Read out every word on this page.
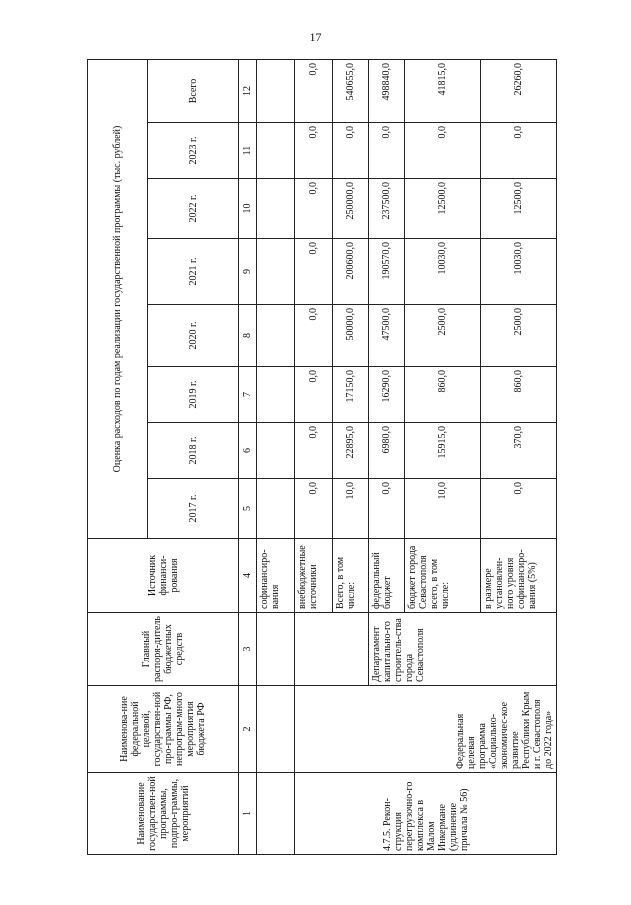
17
Наименование государствен-ной программы, подпро-граммы, мероприятий	Наименова-ние федеральной целевой, государствен-ной про-граммы РФ, непрограм-много мероприятия бюджета РФ	Главный распоря-дитель бюджетных средств	Источник финанси-рования	Оценка расходов по годам реализации государственной программы (тыс. рублей)							
				2017 г.	2018 г.	2019 г.	2020 г.	2021 г.	2022 г.	2023 г.	Всего
1	2	3	4	5	6	7	8	9	10	11	12
			софинансиро-вания								
4.7.5. Рекон-струкция перегрузочно-го комплекса в Малом Инкермане (удлинение причала № 56)	Федеральная целевая программа «Социально-экономичес-кое развитие Республики Крым и г. Севастополя до 2022 года»		внебюджетные источники	0,0	0,0	0,0	0,0	0,0	0,0	0,0	0,0
			Всего, в том числе:	10,0	22895,0	17150,0	50000,0	200600,0	250000,0	0,0	540655,0
		Департамент капитально-го строитель-ства города Севастополя	федеральный бюджет	0,0	6980,0	16290,0	47500,0	190570,0	237500,0	0,0	498840,0
			бюджет города Севастополя всего, в том числе:	10,0	15915,0	860,0	2500,0	10030,0	12500,0	0,0	41815,0
			в размере установлен-ного уровня софинансиро-вания (5%)	0,0	370,0	860,0	2500,0	10030,0	12500,0	0,0	26260,0
